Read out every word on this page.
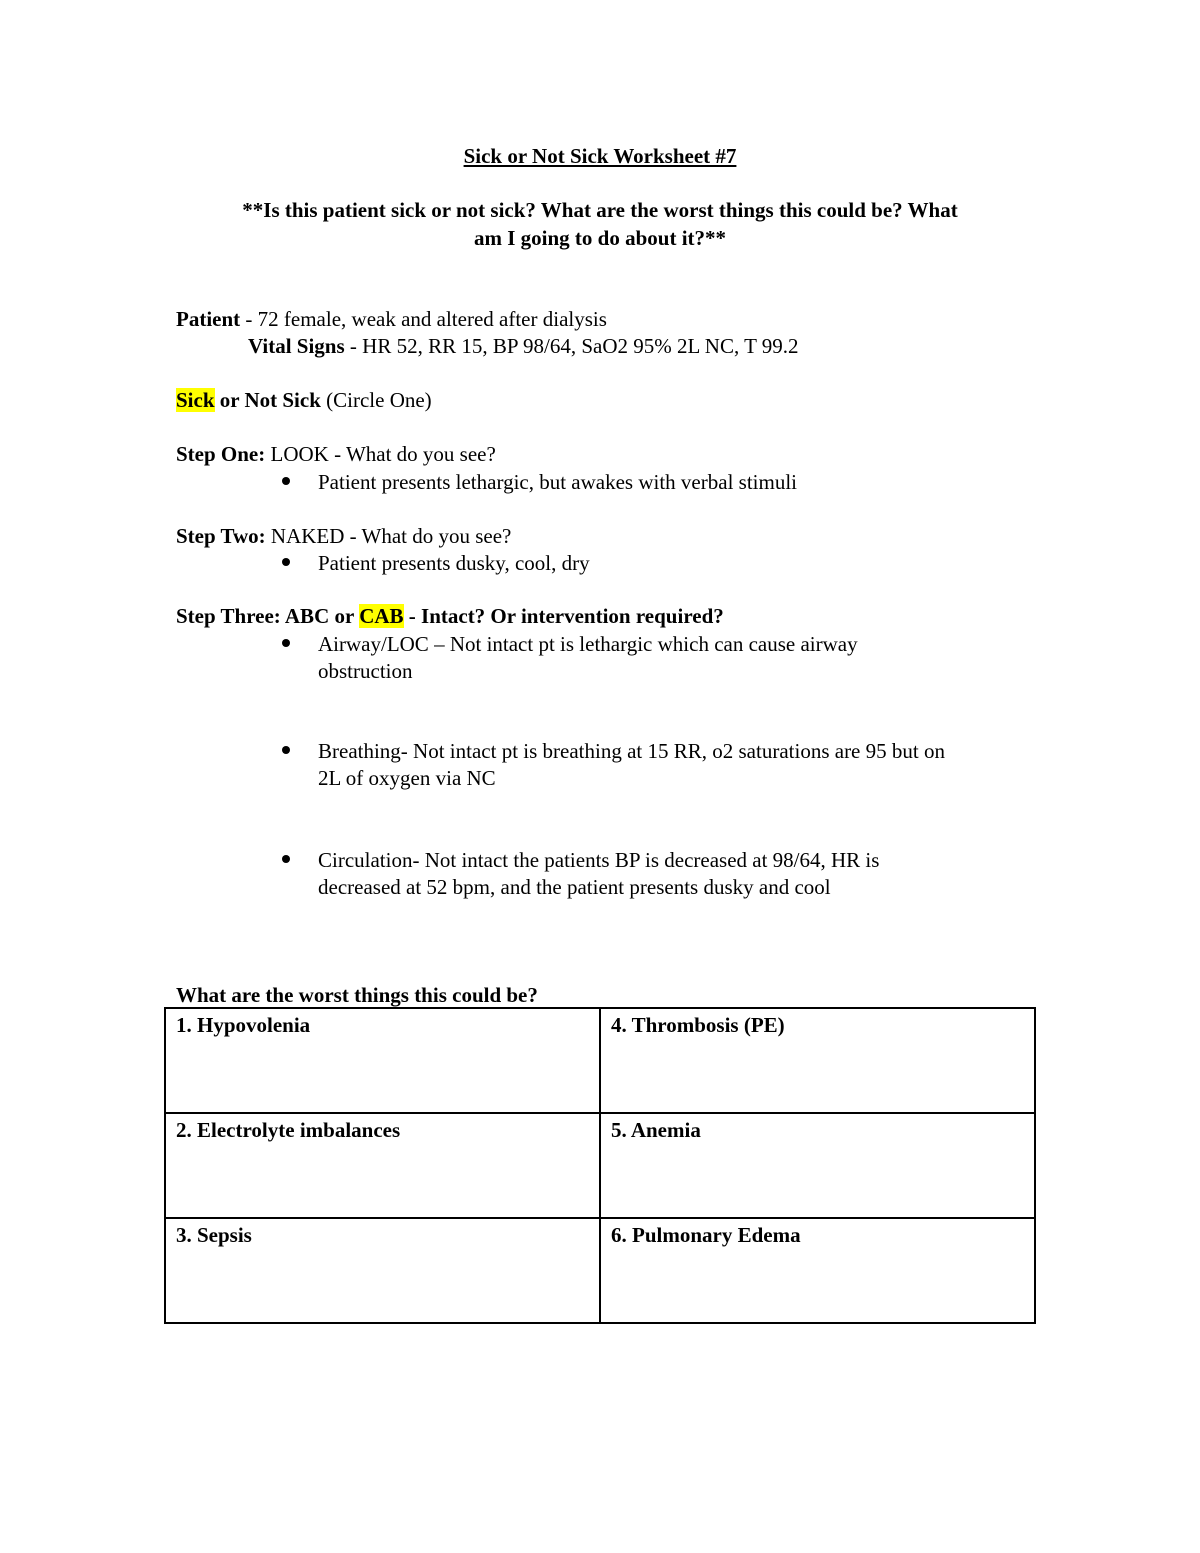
Sick or Not Sick Worksheet #7
**Is this patient sick or not sick? What are the worst things this could be? What
am I going to do about it?**
Patient - 72 female, weak and altered after dialysis
Vital Signs - HR 52, RR 15, BP 98/64, SaO2 95% 2L NC, T 99.2
Sick or Not Sick (Circle One)
Step One: LOOK - What do you see?
Patient presents lethargic, but awakes with verbal stimuli
Step Two: NAKED - What do you see?
Patient presents dusky, cool, dry
Step Three: ABC or CAB - Intact? Or intervention required?
Airway/LOC – Not intact pt is lethargic which can cause airway
obstruction
Breathing- Not intact pt is breathing at 15 RR, o2 saturations are 95 but on
2L of oxygen via NC
Circulation- Not intact the patients BP is decreased at 98/64, HR is
decreased at 52 bpm, and the patient presents dusky and cool
What are the worst things this could be?
1. Hypovolenia	4. Thrombosis (PE)
2. Electrolyte imbalances	5. Anemia
3. Sepsis	6. Pulmonary Edema
